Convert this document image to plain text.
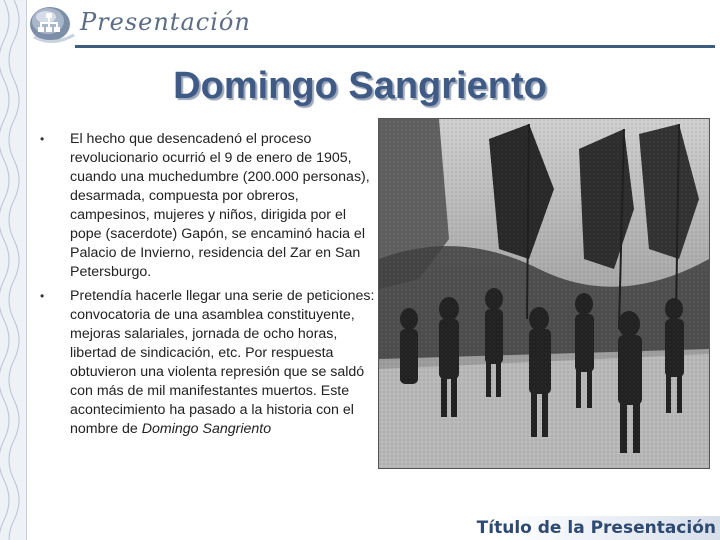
Presentación
Domingo Sangriento
• El hecho que desencadenó el proceso revolucionario ocurrió el 9 de enero de 1905, cuando una muchedumbre (200.000 personas), desarmada, compuesta por obreros, campesinos, mujeres y niños, dirigida por el pope (sacerdote) Gapón, se encaminó hacia el Palacio de Invierno, residencia del Zar en San Petersburgo.
• Pretendía hacerle llegar una serie de peticiones: convocatoria de una asamblea constituyente, mejoras salariales, jornada de ocho horas, libertad de sindicación, etc. Por respuesta obtuvieron una violenta represión que se saldó con más de mil manifestantes muertos. Este acontecimiento ha pasado a la historia con el nombre de Domingo Sangriento
Título de la Presentación
